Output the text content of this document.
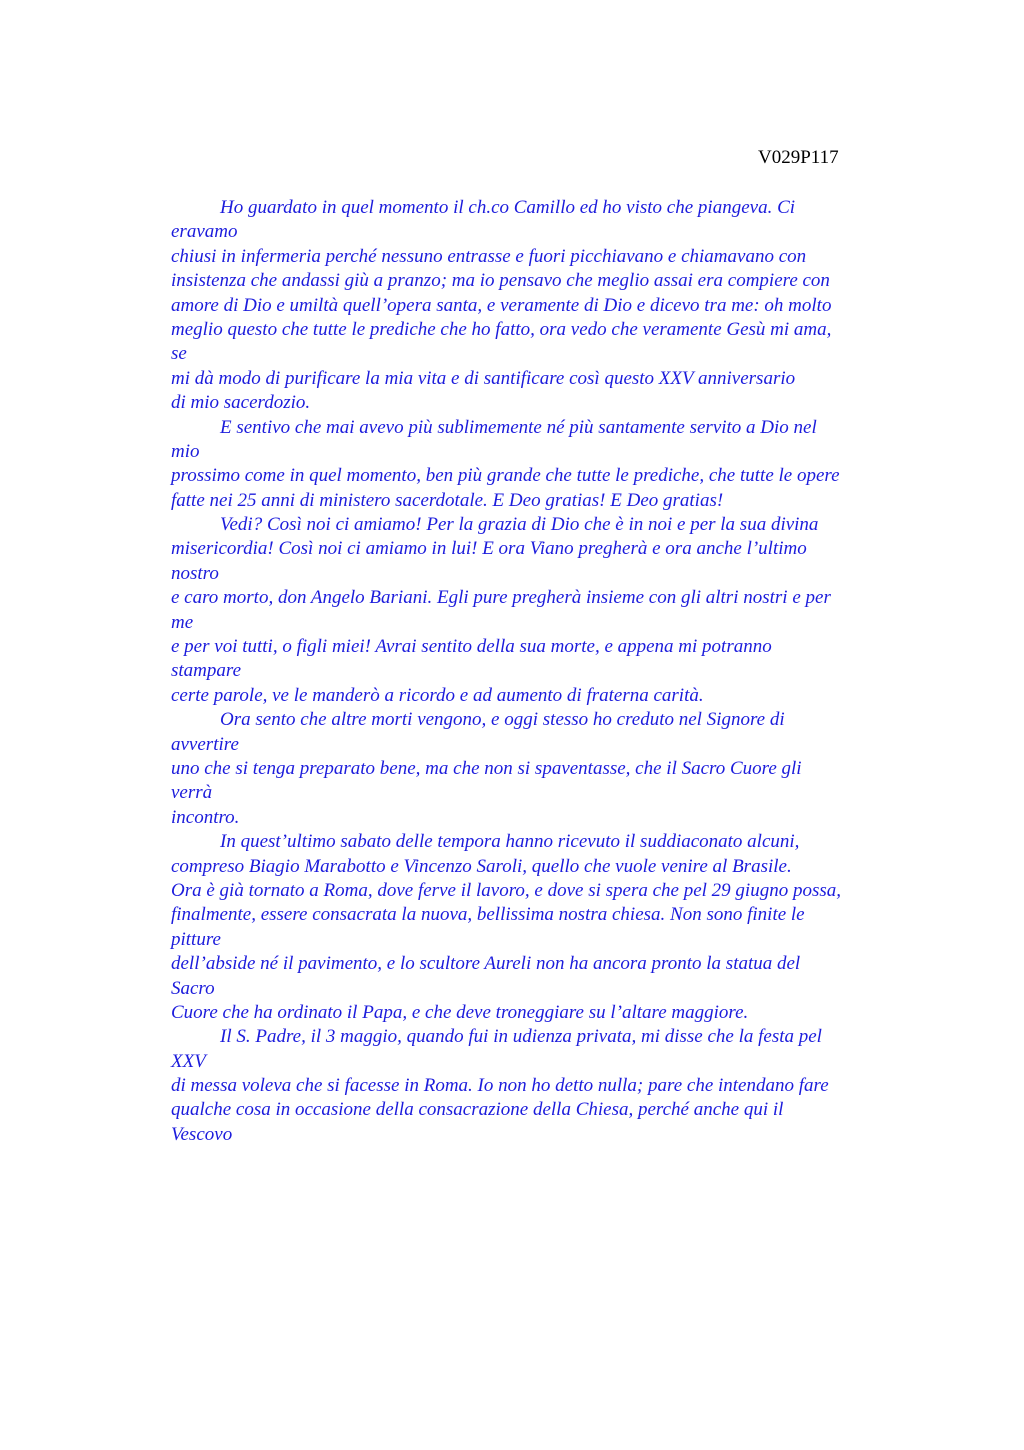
V029P117
Ho guardato in quel momento il ch.co Camillo ed ho visto che piangeva. Ci
eravamo
chiusi in infermeria perché nessuno entrasse e fuori picchiavano e chiamavano con
insistenza che andassi giù a pranzo; ma io pensavo che meglio assai era compiere con
amore di Dio e umiltà quell’opera santa, e veramente di Dio e dicevo tra me: oh molto
meglio questo che tutte le prediche che ho fatto, ora vedo che veramente Gesù mi ama,
se
mi dà modo di purificare la mia vita e di santificare così questo XXV anniversario
di mio sacerdozio.
E sentivo che mai avevo più sublimemente né più santamente servito a Dio nel
mio
prossimo come in quel momento, ben più grande che tutte le prediche, che tutte le opere
fatte nei 25 anni di ministero sacerdotale. E Deo gratias! E Deo gratias!
Vedi? Così noi ci amiamo! Per la grazia di Dio che è in noi e per la sua divina
misericordia! Così noi ci amiamo in lui! E ora Viano pregherà e ora anche l’ultimo
nostro
e caro morto, don Angelo Bariani. Egli pure pregherà insieme con gli altri nostri e per
me
e per voi tutti, o figli miei! Avrai sentito della sua morte, e appena mi potranno
stampare
certe parole, ve le manderò a ricordo e ad aumento di fraterna carità.
Ora sento che altre morti vengono, e oggi stesso ho creduto nel Signore di
avvertire
uno che si tenga preparato bene, ma che non si spaventasse, che il Sacro Cuore gli
verrà
incontro.
In quest’ultimo sabato delle tempora hanno ricevuto il suddiaconato alcuni,
compreso Biagio Marabotto e Vincenzo Saroli, quello che vuole venire al Brasile.
Ora è già tornato a Roma, dove ferve il lavoro, e dove si spera che pel 29 giugno possa,
finalmente, essere consacrata la nuova, bellissima nostra chiesa. Non sono finite le
pitture
dell’abside né il pavimento, e lo scultore Aureli non ha ancora pronto la statua del
Sacro
Cuore che ha ordinato il Papa, e che deve troneggiare su l’altare maggiore.
Il S. Padre, il 3 maggio, quando fui in udienza privata, mi disse che la festa pel
XXV
di messa voleva che si facesse in Roma. Io non ho detto nulla; pare che intendano fare
qualche cosa in occasione della consacrazione della Chiesa, perché anche qui il
Vescovo
